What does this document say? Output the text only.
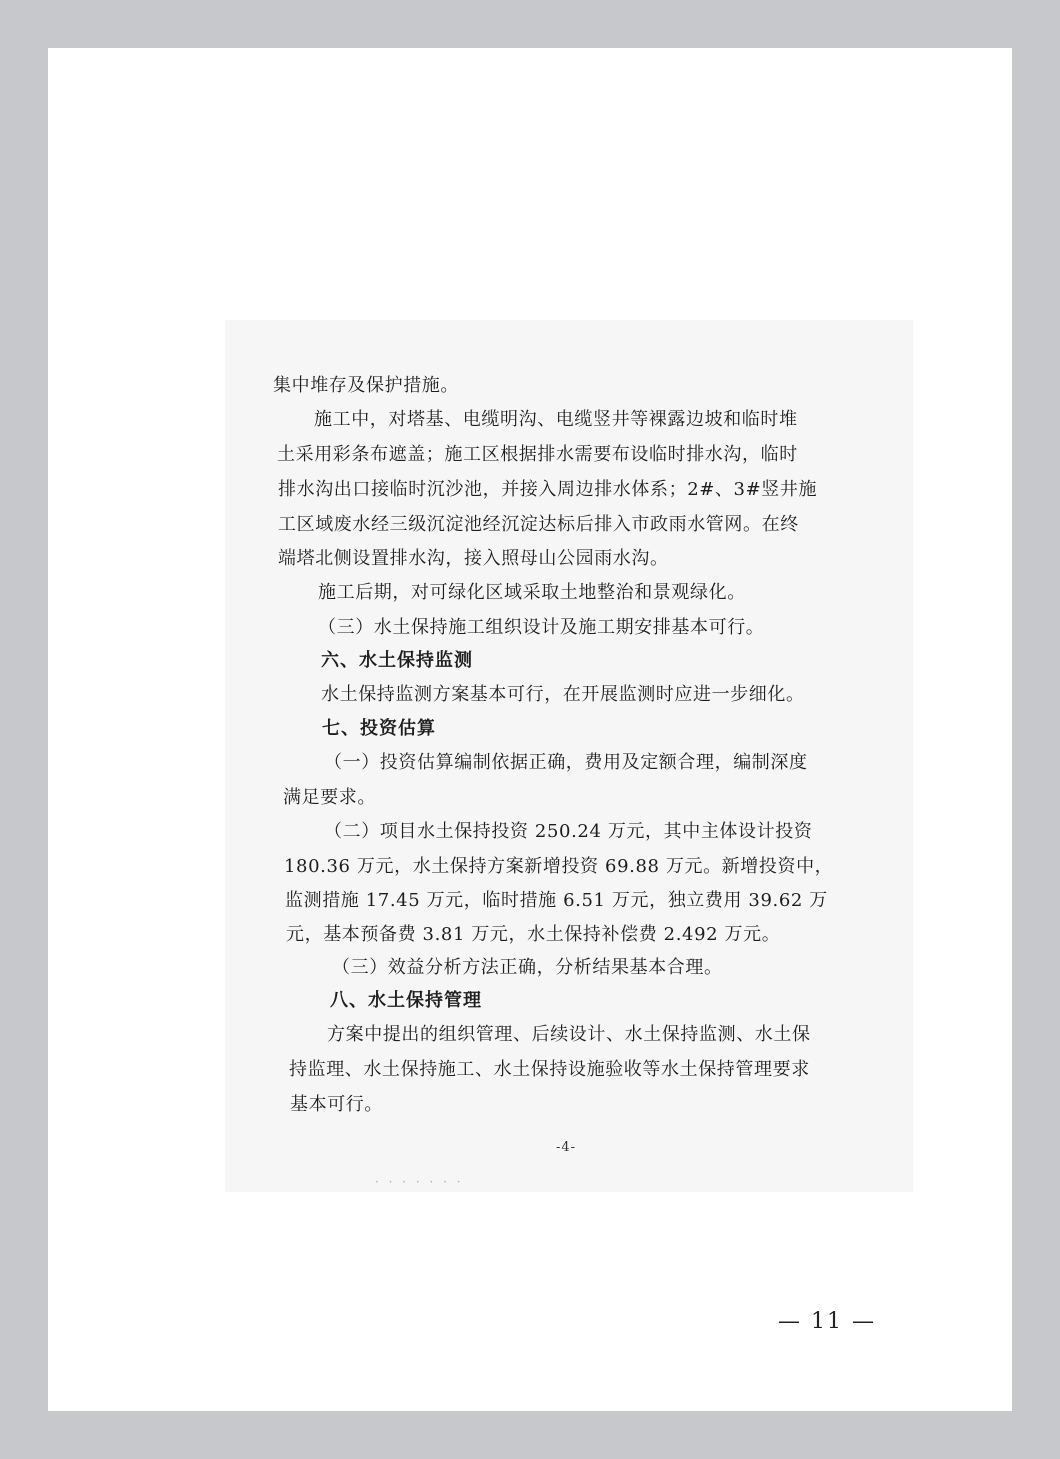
集中堆存及保护措施。
施工中，对塔基、电缆明沟、电缆竖井等裸露边坡和临时堆
土采用彩条布遮盖；施工区根据排水需要布设临时排水沟，临时
排水沟出口接临时沉沙池，并接入周边排水体系；2#、3#竖井施
工区域废水经三级沉淀池经沉淀达标后排入市政雨水管网。在终
端塔北侧设置排水沟，接入照母山公园雨水沟。
施工后期，对可绿化区域采取土地整治和景观绿化。
（三）水土保持施工组织设计及施工期安排基本可行。
六、水土保持监测
水土保持监测方案基本可行，在开展监测时应进一步细化。
七、投资估算
（一）投资估算编制依据正确，费用及定额合理，编制深度
满足要求。
（二）项目水土保持投资 250.24 万元，其中主体设计投资
180.36 万元，水土保持方案新增投资 69.88 万元。新增投资中，
监测措施 17.45 万元，临时措施 6.51 万元，独立费用 39.62 万
元，基本预备费 3.81 万元，水土保持补偿费 2.492 万元。
（三）效益分析方法正确，分析结果基本合理。
八、水土保持管理
方案中提出的组织管理、后续设计、水土保持监测、水土保
持监理、水土保持施工、水土保持设施验收等水土保持管理要求
基本可行。
· · · · · · ·
-4-
— 11 —
